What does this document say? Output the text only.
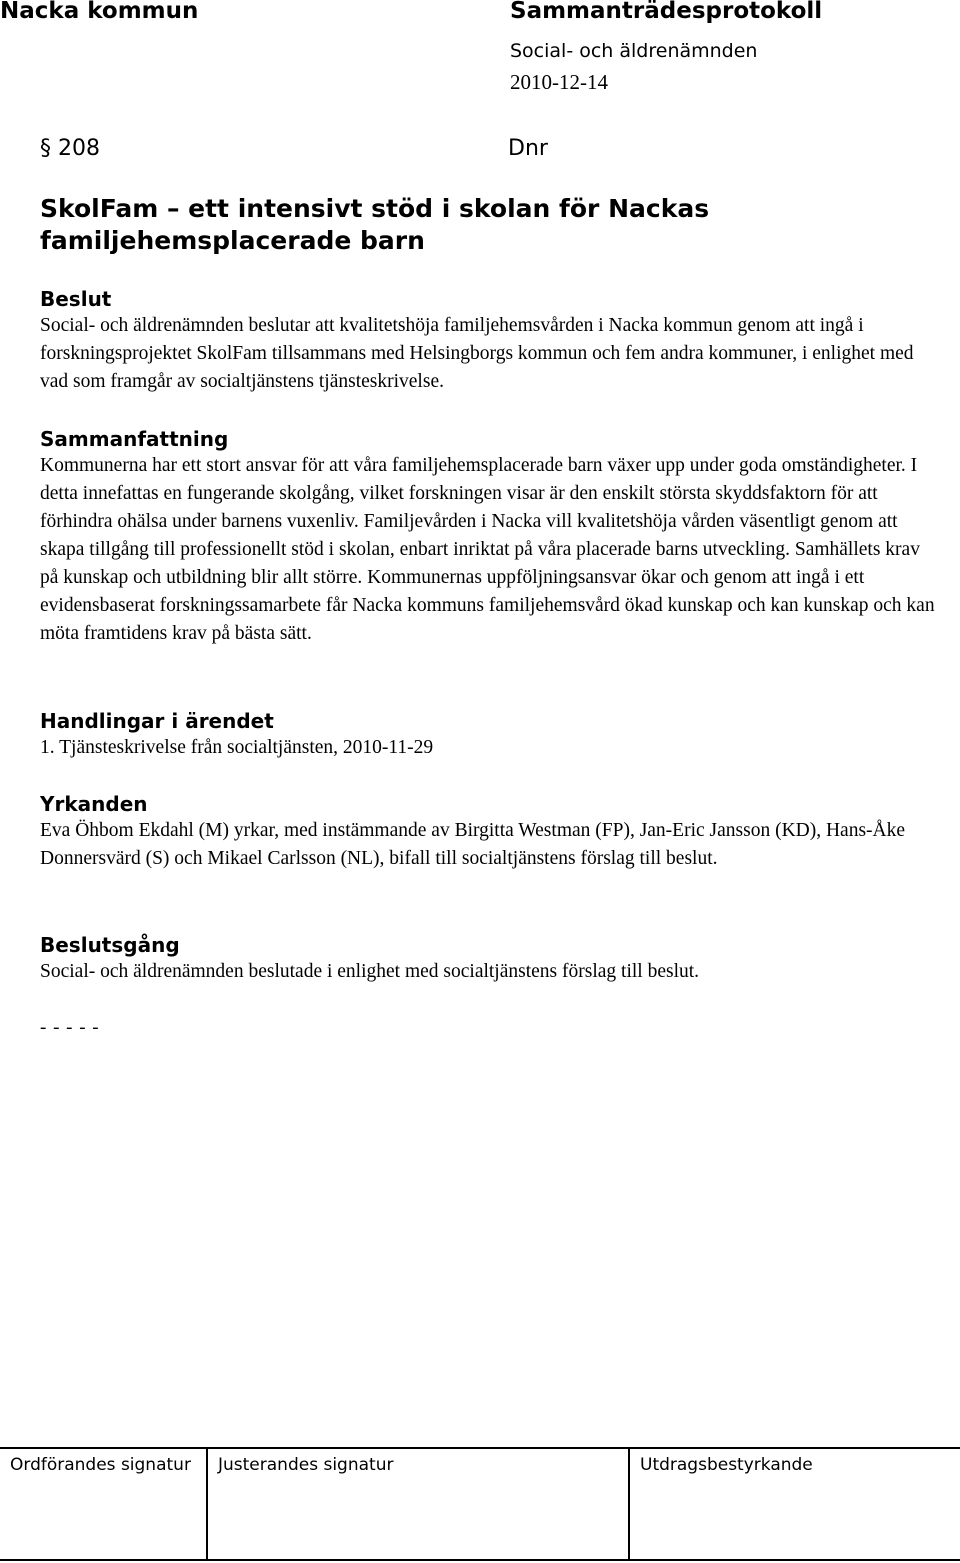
Nacka kommun	Sammanträdesprotokoll
Social- och äldrenämnden
2010-12-14
§ 208	Dnr
SkolFam – ett intensivt stöd i skolan för Nackas familjehemsplacerade barn

Beslut

Social- och äldrenämnden beslutar att kvalitetshöja familjehemsvården i Nacka kommun genom att ingå i forskningsprojektet SkolFam tillsammans med Helsingborgs kommun och fem andra kommuner, i enlighet med vad som framgår av socialtjänstens tjänsteskrivelse.

Sammanfattning

Kommunerna har ett stort ansvar för att våra familjehemsplacerade barn växer upp under goda omständigheter. I detta innefattas en fungerande skolgång, vilket forskningen visar är den enskilt största skyddsfaktorn för att förhindra ohälsa under barnens vuxenliv. Familjevården i Nacka vill kvalitetshöja vården väsentligt genom att skapa tillgång till professionellt stöd i skolan, enbart inriktat på våra placerade barns utveckling. Samhällets krav på kunskap och utbildning blir allt större. Kommunernas uppföljningsansvar ökar och genom att ingå i ett evidensbaserat forskningssamarbete får Nacka kommuns familjehemsvård ökad kunskap och kan kunskap och kan möta framtidens krav på bästa sätt.

Handlingar i ärendet

1. Tjänsteskrivelse från socialtjänsten, 2010-11-29

Yrkanden

Eva Öhbom Ekdahl (M) yrkar, med instämmande av Birgitta Westman (FP), Jan-Eric Jansson (KD), Hans-Åke Donnersvärd (S) och Mikael Carlsson (NL), bifall till socialtjänstens förslag till beslut.

Beslutsgång

Social- och äldrenämnden beslutade i enlighet med socialtjänstens förslag till beslut.

- - - - -
Ordförandes signatur Justerandes signatur	Utdragsbestyrkande
